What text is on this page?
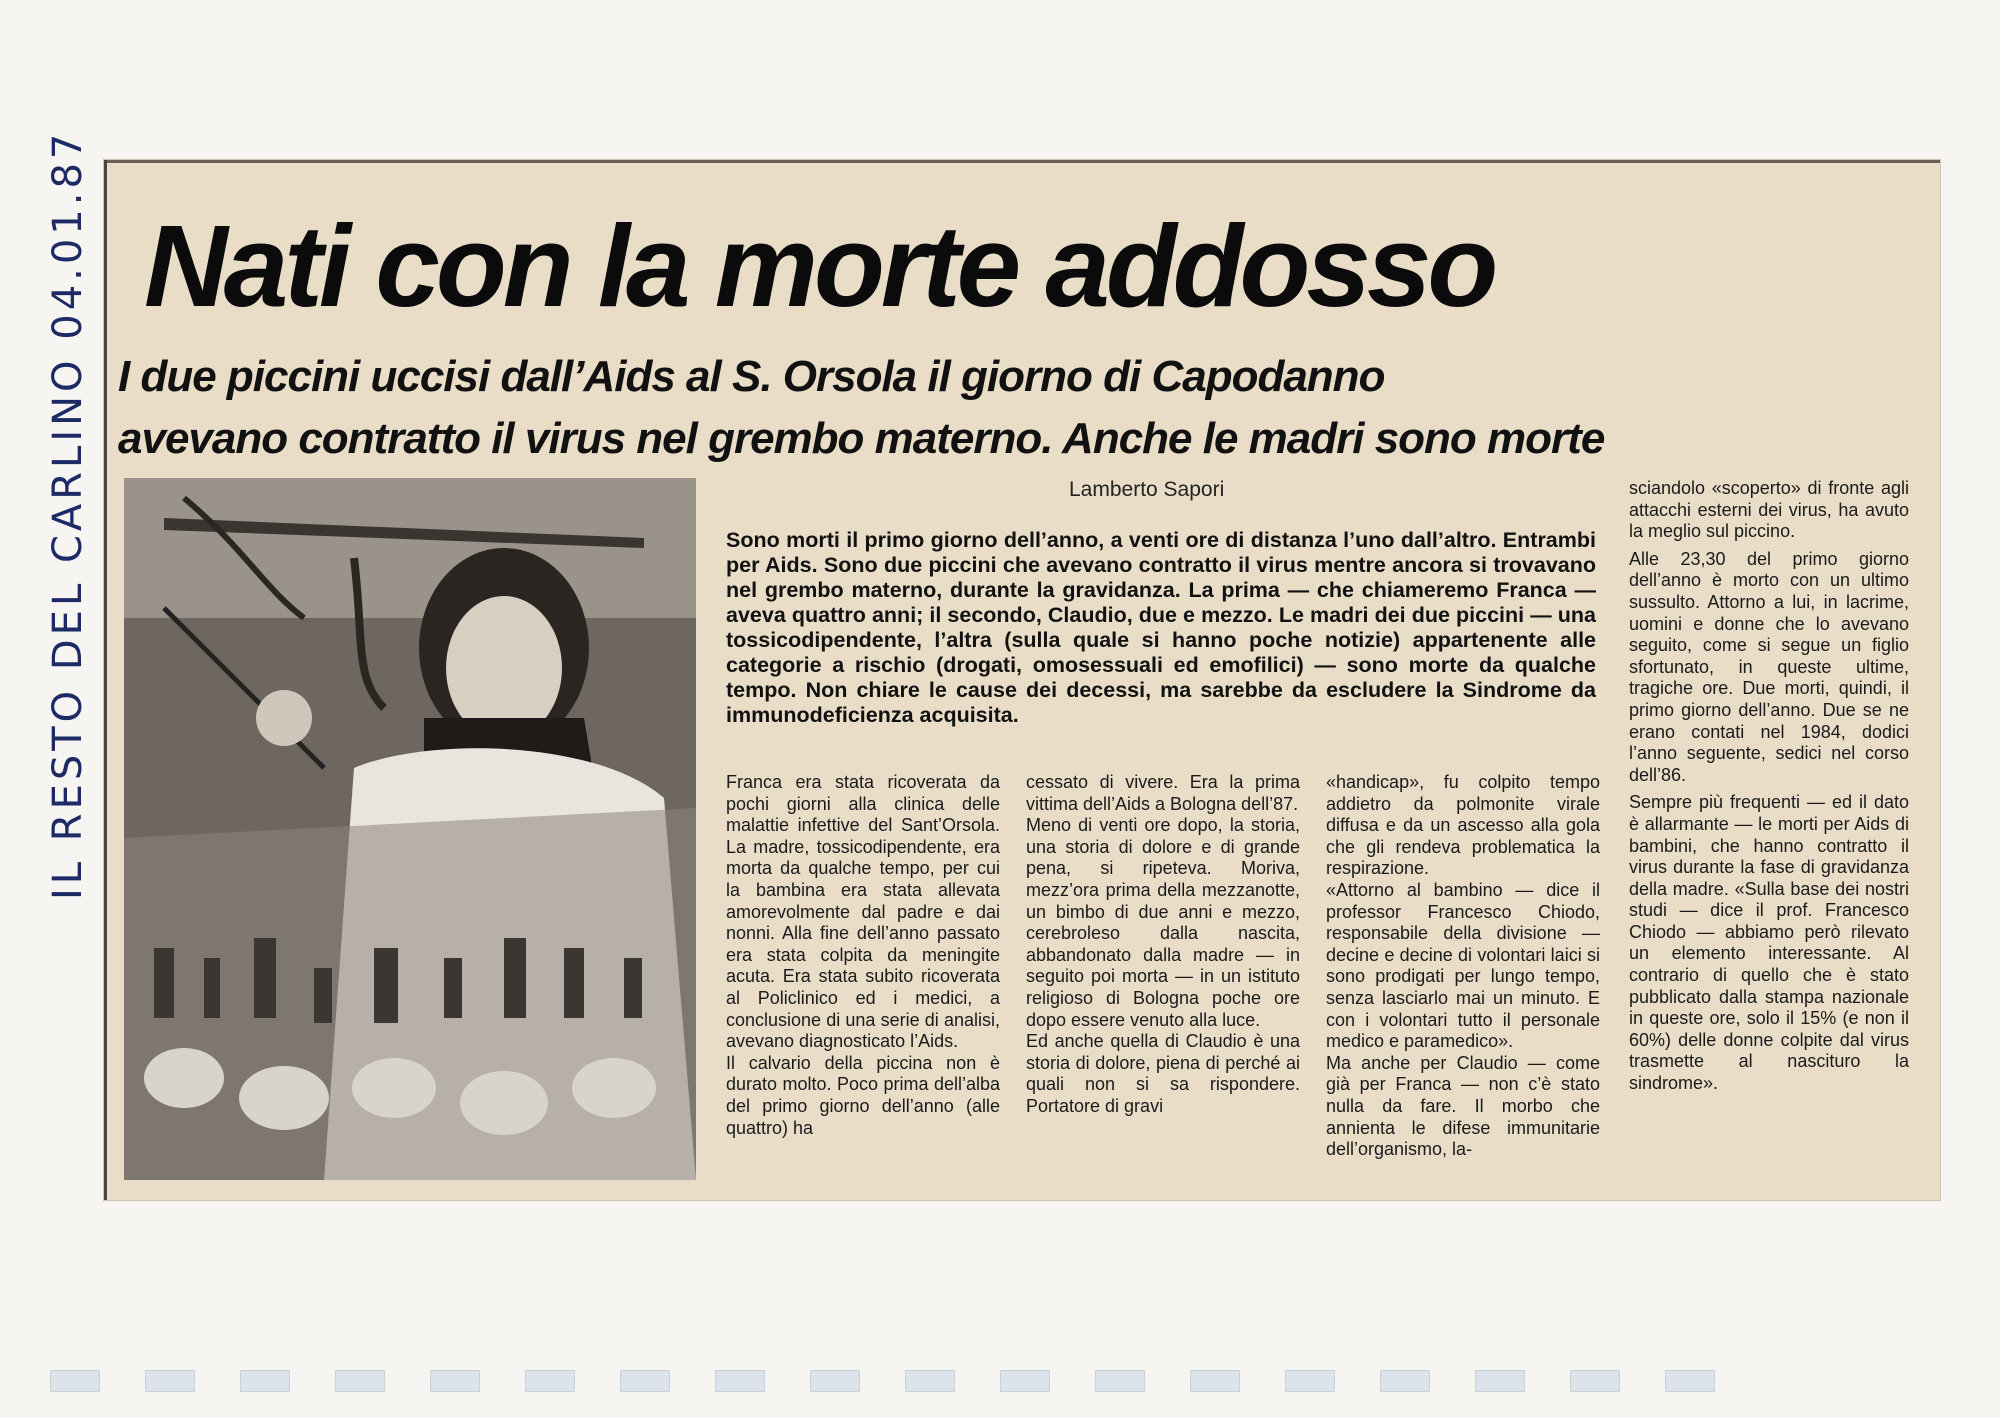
IL RESTO DEL CARLINO 04.01.87 Nati con la morte addosso
I due piccini uccisi dall’Aids al S. Orsola il giorno di Capodanno
avevano contratto il virus nel grembo materno. Anche le madri sono morte
Lamberto Sapori
Sono morti il primo giorno dell’anno, a venti ore di distanza l’uno dall’altro. Entrambi per Aids. Sono due piccini che avevano contratto il virus mentre ancora si trovavano nel grembo materno, durante la gravidanza. La prima — che chiameremo Franca — aveva quattro anni; il secondo, Claudio, due e mezzo. Le madri dei due piccini — una tossicodipendente, l’altra (sulla quale si hanno poche notizie) appartenente alle categorie a rischio (drogati, omosessuali ed emofilici) — sono morte da qualche tempo. Non chiare le cause dei decessi, ma sarebbe da escludere la Sindrome da immunodeficienza acquisita.

Franca era stata ricoverata da pochi giorni alla clinica delle malattie infettive del Sant’Orsola. La madre, tossicodipendente, era morta da qualche tempo, per cui la bambina era stata allevata amorevolmente dal padre e dai nonni. Alla fine dell’anno passato era stata colpita da meningite acuta. Era stata subito ricoverata al Policlinico ed i medici, a conclusione di una serie di analisi, avevano diagnosticato l’Aids.

Il calvario della piccina non è durato molto. Poco prima dell’alba del primo giorno dell’anno (alle quattro) ha

cessato di vivere. Era la prima vittima dell’Aids a Bologna dell’87.

Meno di venti ore dopo, la storia, una storia di dolore e di grande pena, si ripeteva. Moriva, mezz’ora prima della mezzanotte, un bimbo di due anni e mezzo, cerebroleso dalla nascita, abbandonato dalla madre — in seguito poi morta — in un istituto religioso di Bologna poche ore dopo essere venuto alla luce.

Ed anche quella di Claudio è una storia di dolore, piena di perché ai quali non si sa rispondere. Portatore di gravi

«handicap», fu colpito tempo addietro da polmonite virale diffusa e da un ascesso alla gola che gli rendeva problematica la respirazione.

«Attorno al bambino — dice il professor Francesco Chiodo, responsabile della divisione — decine e decine di volontari laici si sono prodigati per lungo tempo, senza lasciarlo mai un minuto. E con i volontari tutto il personale medico e paramedico».

Ma anche per Claudio — come già per Franca — non c’è stato nulla da fare. Il morbo che annienta le difese immunitarie dell’organismo, la-

sciandolo «scoperto» di fronte agli attacchi esterni dei virus, ha avuto la meglio sul piccino.

Alle 23,30 del primo giorno dell’anno è morto con un ultimo sussulto. Attorno a lui, in lacrime, uomini e donne che lo avevano seguito, come si segue un figlio sfortunato, in queste ultime, tragiche ore. Due morti, quindi, il primo giorno dell’anno. Due se ne erano contati nel 1984, dodici l’anno seguente, sedici nel corso dell’86.

Sempre più frequenti — ed il dato è allarmante — le morti per Aids di bambini, che hanno contratto il virus durante la fase di gravidanza della madre. «Sulla base dei nostri studi — dice il prof. Francesco Chiodo — abbiamo però rilevato un elemento interessante. Al contrario di quello che è stato pubblicato dalla stampa nazionale in queste ore, solo il 15% (e non il 60%) delle donne colpite dal virus trasmette al nascituro la sindrome».
